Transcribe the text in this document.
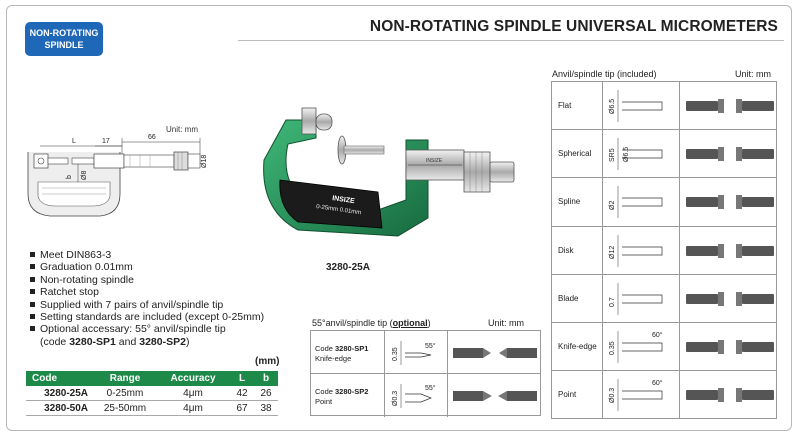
NON-ROTATING
SPINDLE
NON-ROTATING SPINDLE UNIVERSAL MICROMETERS
Unit: mm
L	17
66
b Ø8
Ø18
0-25mm 0.01mm
INSIZE
INSIZE
3280-25A
Meet DIN863-3
Graduation 0.01mm
Non-rotating spindle
Ratchet stop
Supplied with 7 pairs of anvil/spindle tip
Setting standards are included (except 0-25mm)
Optional accessary: 55° anvil/spindle tip
(code 3280-SP1 and 3280-SP2)
(mm)
Code	Range	Accuracy	L	b
3280-25A	0-25mm	4μm	42	26
3280-50A	25-50mm	4μm	67	38
55°anvil/spindle tip (optional)	Unit: mm
Code 3280-SP1
Knife-edge	0.35
55°
Code 3280-SP2
Point	Ø0.3
55°
Anvil/spindle tip (included)	Unit: mm
Flat	Ø6.5
Spherical	SR5 Ø6.5
Spline	Ø2
Disk	Ø12
Blade	0.7
Knife-edge 0.35
60°
Point	Ø0.3
60°
